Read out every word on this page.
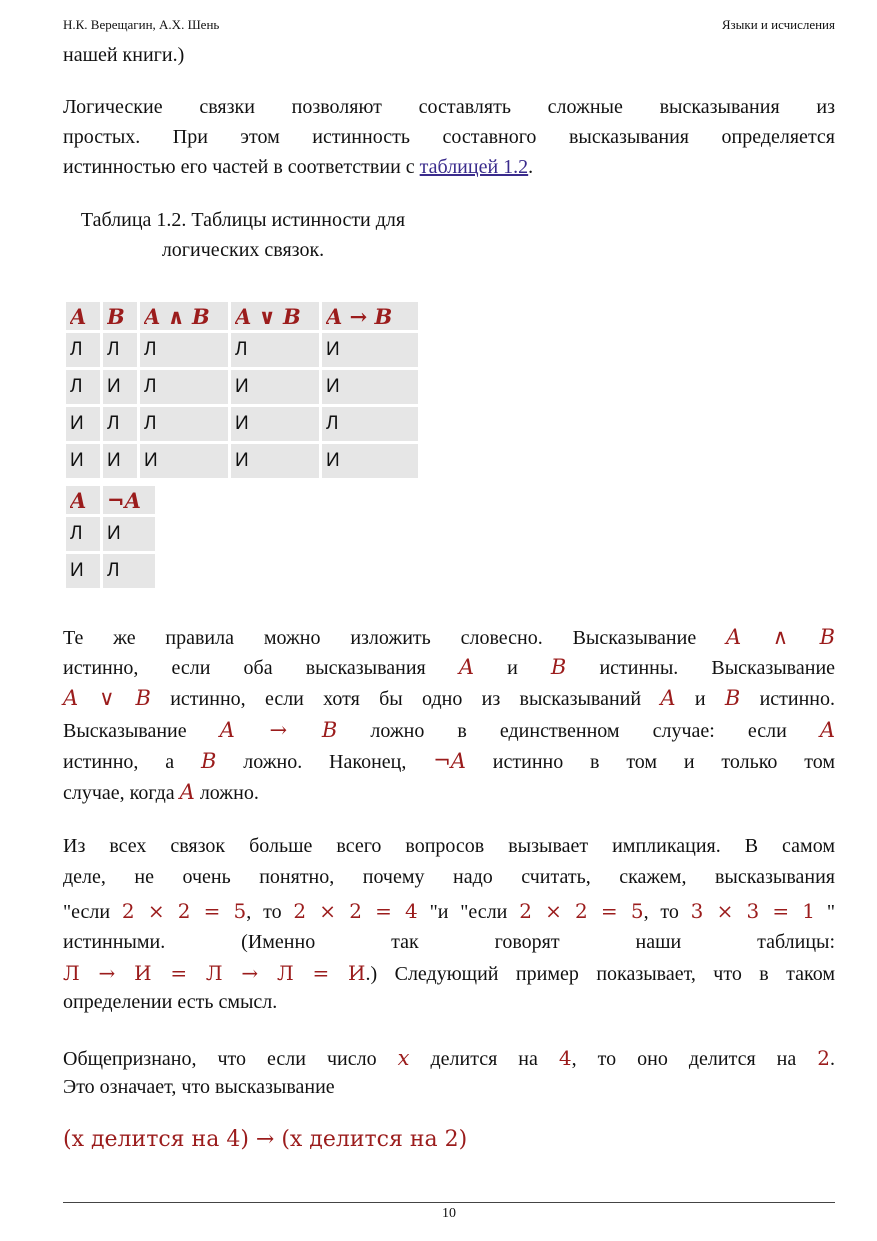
Н.К. Верещагин, А.Х. Шень	Языки и исчисления
нашей книги.)
Логические связки позволяют составлять сложные высказывания из
простых. При этом истинность составного высказывания определяется
истинностью его частей в соответствии с таблицей 1.2.
Таблица 1.2. Таблицы истинности для логических связок.
A	B	A ∧ B	A ∨ B	A → B
Л	Л	Л	Л	И
Л	И	Л	И	И
И	Л	Л	И	Л
И	И	И	И	И
A	¬A
Л	И
И	Л
Те же правила можно изложить словесно. Высказывание A ∧ B
истинно, если оба высказывания A и B истинны. Высказывание
A ∨ B истинно, если хотя бы одно из высказываний A и B истинно.
Высказывание A → B ложно в единственном случае: если A
истинно, а B ложно. Наконец, ¬A истинно в том и только том
случае, когда A ложно.
Из всех связок больше всего вопросов вызывает импликация. В самом
деле, не очень понятно, почему надо считать, скажем, высказывания
"если 2 × 2 = 5, то 2 × 2 = 4 "и "если 2 × 2 = 5, то 3 × 3 = 1 "
истинными.	(Именно	так	говорят	наши	таблицы:
Л → И = Л → Л = И.) Следующий пример показывает, что в таком
определении есть смысл.
Общепризнано, что если число x делится на 4, то оно делится на 2.
Это означает, что высказывание
(x делится на 4) → (x делится на 2)
10
